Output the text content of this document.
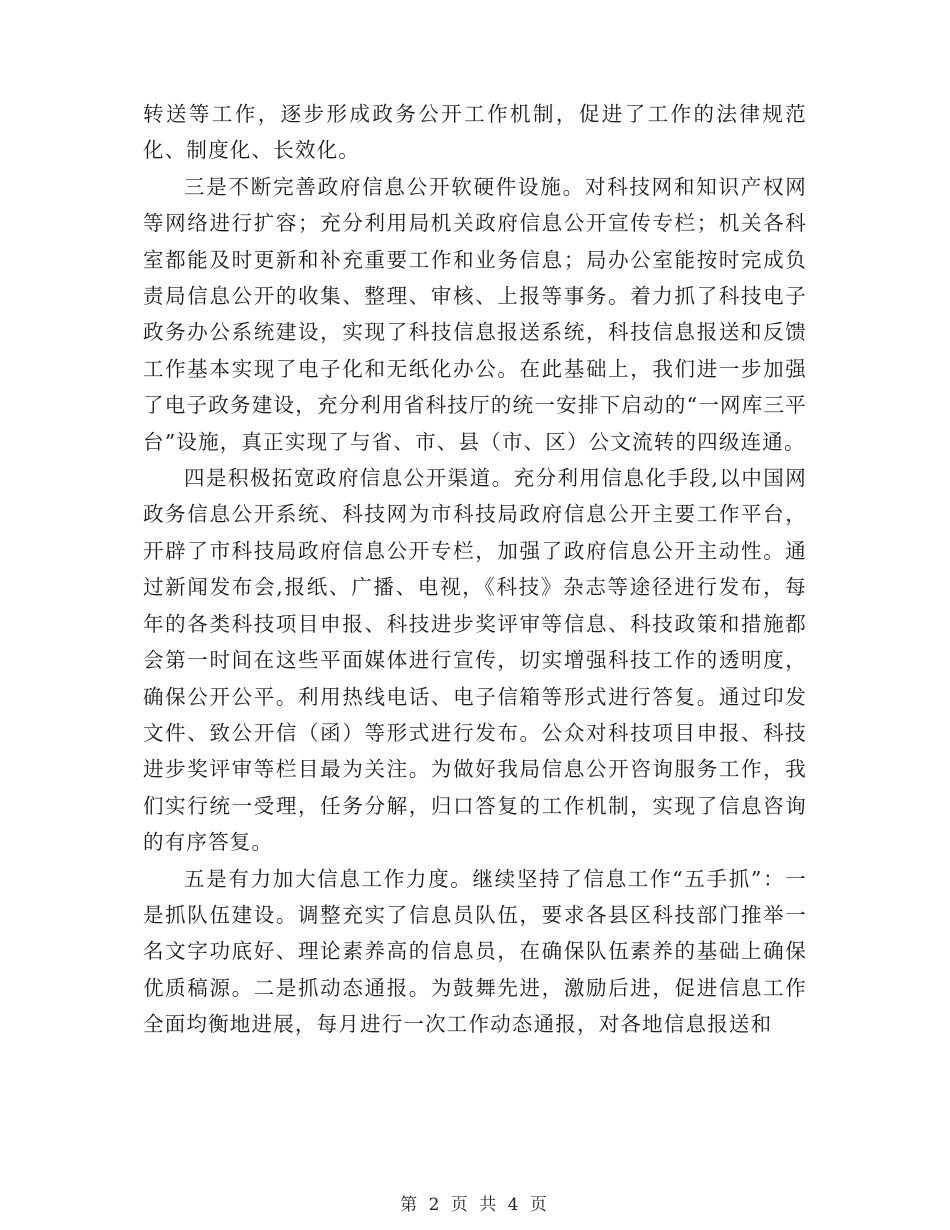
转送等工作，逐步形成政务公开工作机制，促进了工作的法律规范化、制度化、长效化。

三是不断完善政府信息公开软硬件设施。对科技网和知识产权网等网络进行扩容；充分利用局机关政府信息公开宣传专栏；机关各科室都能及时更新和补充重要工作和业务信息；局办公室能按时完成负责局信息公开的收集、整理、审核、上报等事务。着力抓了科技电子政务办公系统建设，实现了科技信息报送系统，科技信息报送和反馈工作基本实现了电子化和无纸化办公。在此基础上，我们进一步加强了电子政务建设，充分利用省科技厅的统一安排下启动的“一网库三平台”设施，真正实现了与省、市、县（市、区）公文流转的四级连通。

四是积极拓宽政府信息公开渠道。充分利用信息化手段,以中国网政务信息公开系统、科技网为市科技局政府信息公开主要工作平台，开辟了市科技局政府信息公开专栏，加强了政府信息公开主动性。通过新闻发布会,报纸、广播、电视，《科技》杂志等途径进行发布，每年的各类科技项目申报、科技进步奖评审等信息、科技政策和措施都会第一时间在这些平面媒体进行宣传，切实增强科技工作的透明度，确保公开公平。利用热线电话、电子信箱等形式进行答复。通过印发文件、致公开信（函）等形式进行发布。公众对科技项目申报、科技进步奖评审等栏目最为关注。为做好我局信息公开咨询服务工作，我们实行统一受理，任务分解，归口答复的工作机制，实现了信息咨询的有序答复。

五是有力加大信息工作力度。继续坚持了信息工作“五手抓”：一是抓队伍建设。调整充实了信息员队伍，要求各县区科技部门推举一名文字功底好、理论素养高的信息员，在确保队伍素养的基础上确保优质稿源。二是抓动态通报。为鼓舞先进，激励后进，促进信息工作全面均衡地进展，每月进行一次工作动态通报，对各地信息报送和

第 2 页 共 4 页
